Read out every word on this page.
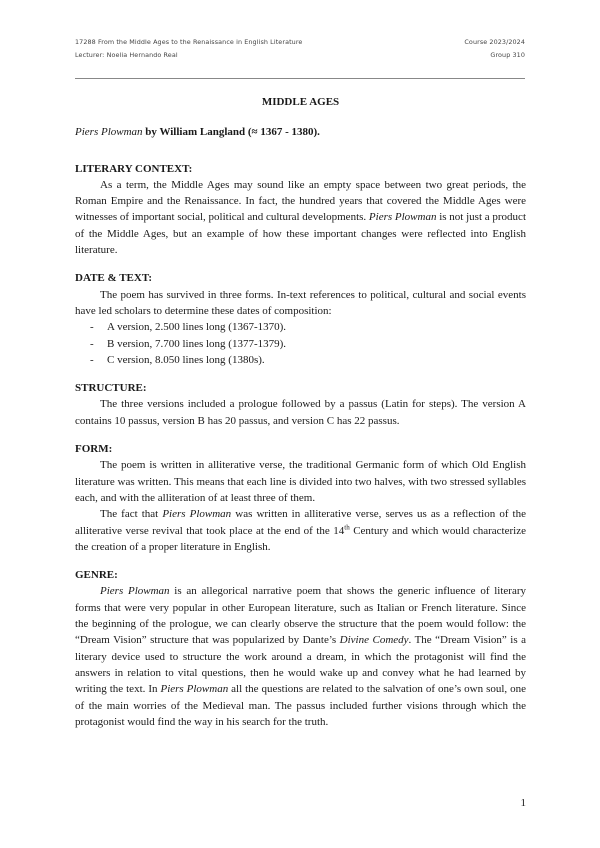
17288 From the Middle Ages to the Renaissance in English Literature	Course 2023/2024
Lecturer: Noelia Hernando Real	Group 310
MIDDLE AGES
Piers Plowman by William Langland (≈ 1367 - 1380).
LITERARY CONTEXT:

As a term, the Middle Ages may sound like an empty space between two great periods, the Roman Empire and the Renaissance. In fact, the hundred years that covered the Middle Ages were witnesses of important social, political and cultural developments. Piers Plowman is not just a product of the Middle Ages, but an example of how these important changes were reflected into English literature.

DATE & TEXT:

The poem has survived in three forms. In-text references to political, cultural and social events have led scholars to determine these dates of composition:

- A version, 2.500 lines long (1367-1370).
- B version, 7.700 lines long (1377-1379).
- C version, 8.050 lines long (1380s).
STRUCTURE:

The three versions included a prologue followed by a passus (Latin for steps). The version A contains 10 passus, version B has 20 passus, and version C has 22 passus.

FORM:

The poem is written in alliterative verse, the traditional Germanic form of which Old English literature was written. This means that each line is divided into two halves, with two stressed syllables each, and with the alliteration of at least three of them.

The fact that Piers Plowman was written in alliterative verse, serves us as a reflection of the alliterative verse revival that took place at the end of the 14th Century and which would characterize the creation of a proper literature in English.

GENRE:

Piers Plowman is an allegorical narrative poem that shows the generic influence of literary forms that were very popular in other European literature, such as Italian or French literature. Since the beginning of the prologue, we can clearly observe the structure that the poem would follow: the “Dream Vision” structure that was popularized by Dante’s Divine Comedy. The “Dream Vision” is a literary device used to structure the work around a dream, in which the protagonist will find the answers in relation to vital questions, then he would wake up and convey what he had learned by writing the text. In Piers Plowman all the questions are related to the salvation of one’s own soul, one of the main worries of the Medieval man. The passus included further visions through which the protagonist would find the way in his search for the truth.

1
